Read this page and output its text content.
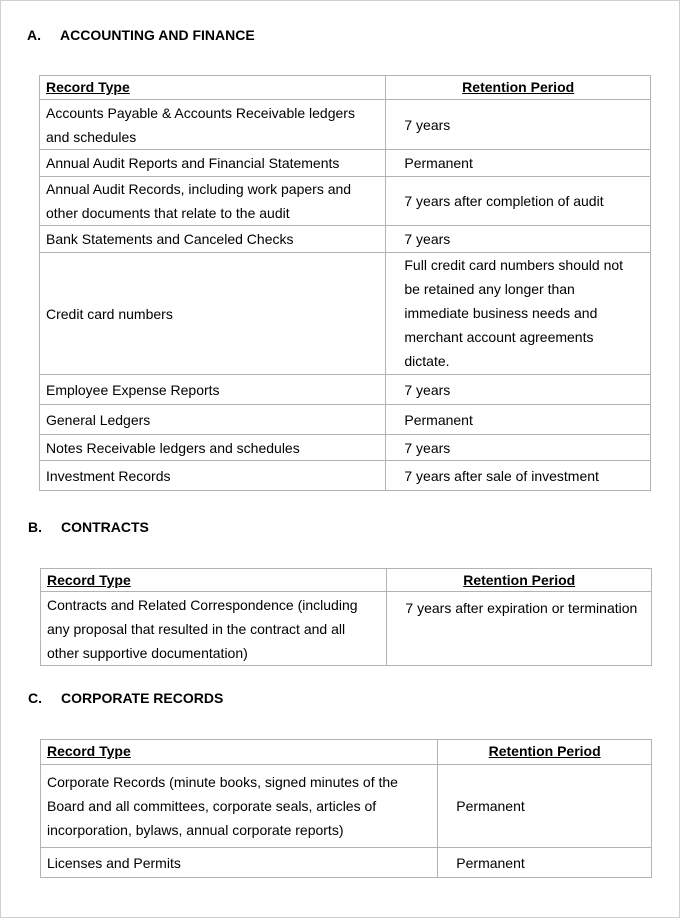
A. ACCOUNTING AND FINANCE
Record Type	Retention Period
Accounts Payable & Accounts Receivable ledgers and schedules	7 years
Annual Audit Reports and Financial Statements	Permanent
Annual Audit Records, including work papers and other documents that relate to the audit	7 years after completion of audit
Bank Statements and Canceled Checks	7 years
Credit card numbers	Full credit card numbers should not be retained any longer than immediate business needs and merchant account agreements dictate.
Employee Expense Reports	7 years
General Ledgers	Permanent
Notes Receivable ledgers and schedules	7 years
Investment Records	7 years after sale of investment
B. CONTRACTS
Record Type	Retention Period
Contracts and Related Correspondence (including any proposal that resulted in the contract and all other supportive documentation)	7 years after expiration or termination
C. CORPORATE RECORDS
Record Type	Retention Period
Corporate Records (minute books, signed minutes of the Board and all committees, corporate seals, articles of incorporation, bylaws, annual corporate reports)	Permanent
Licenses and Permits	Permanent
